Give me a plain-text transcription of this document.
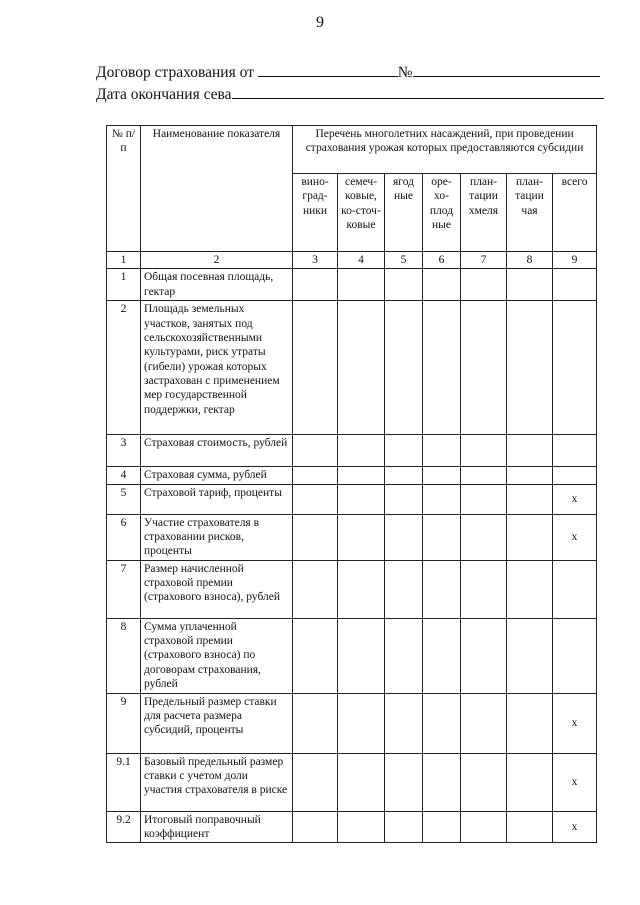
9
Договор страхования от	№
Дата окончания сева
№ п/п	Наименование показателя	Перечень многолетних насаждений, при проведении страхования урожая которых предоставляются субсидии						
		вино-град-ники	семеч-ковые, ко-сточ-ковые	ягод ные	оре-хо-плод ные	план-тации хмеля	план-тации чая	всего
1	2	3	4	5	6	7	8	9
1	Общая посевная площадь, гектар							
2	Площадь земельных участков, занятых под сельскохозяйственными культурами, риск утраты (гибели) урожая которых застрахован с применением мер государственной поддержки, гектар							
3	Страховая стоимость, рублей							
4	Страховая сумма, рублей							
5	Страховой тариф, проценты							х
6	Участие страхователя в страховании рисков, проценты							х
7	Размер начисленной страховой премии (страхового взноса), рублей							
8	Сумма уплаченной страховой премии (страхового взноса) по договорам страхования, рублей							
9	Предельный размер ставки для расчета размера субсидий, проценты							х
9.1	Базовый предельный размер ставки с учетом доли участия страхователя в риске							х
9.2	Итоговый поправочный коэффициент							х
